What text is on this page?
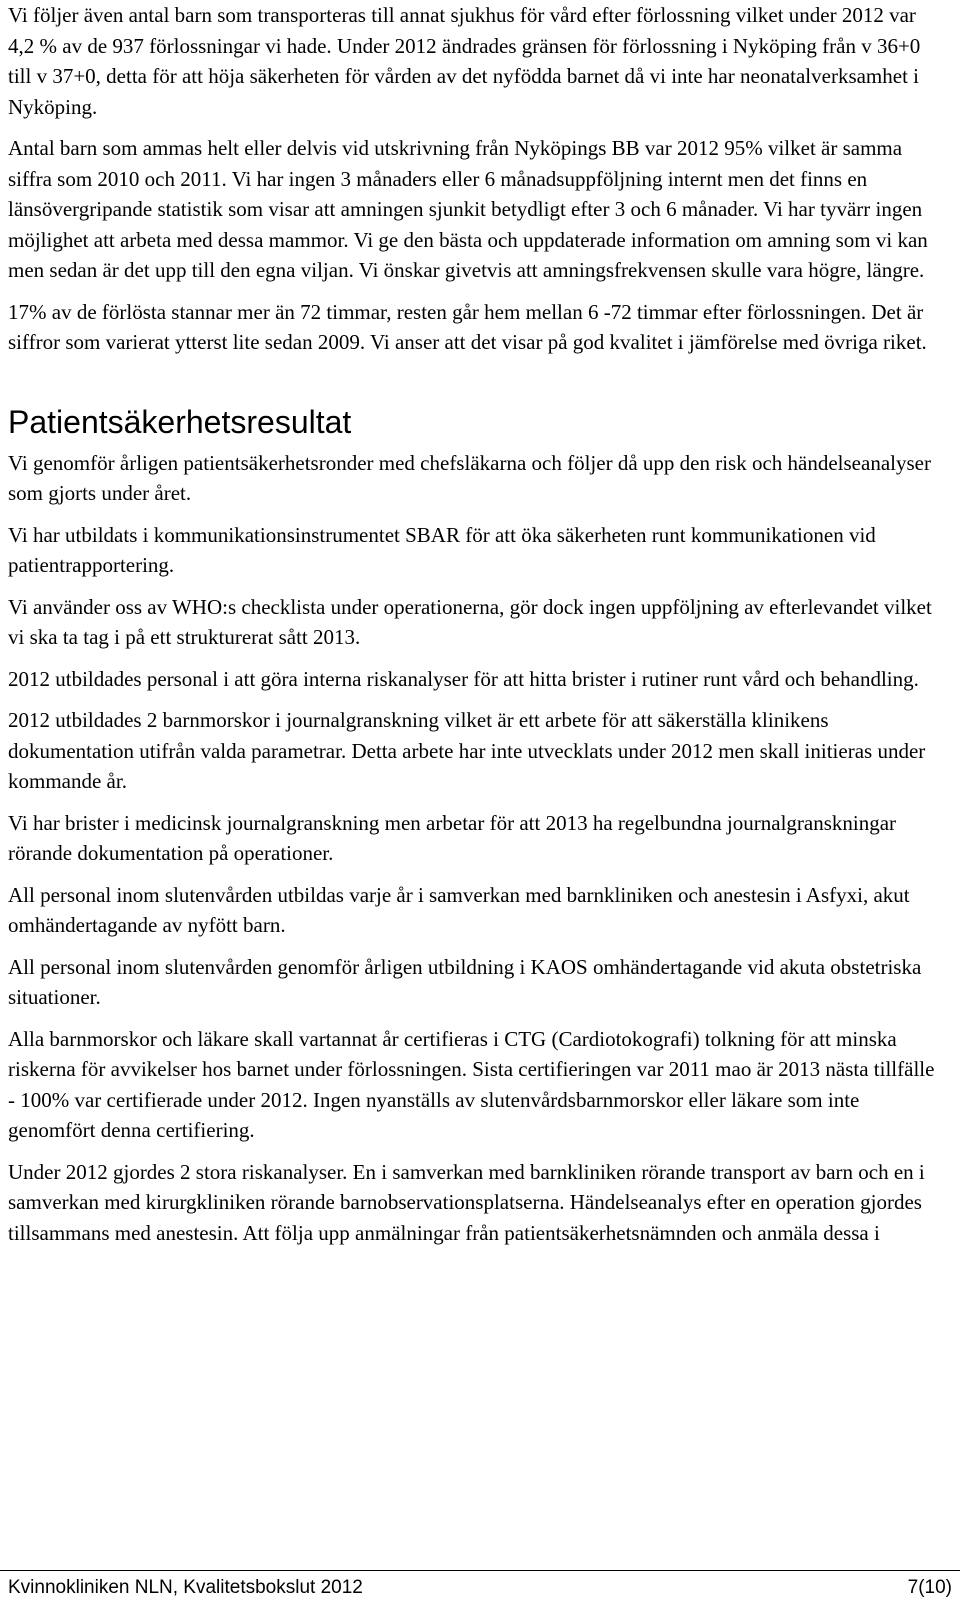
Vi följer även antal barn som transporteras till annat sjukhus för vård efter förlossning vilket under 2012 var 4,2 % av de 937 förlossningar vi hade. Under 2012 ändrades gränsen för förlossning i Nyköping från v 36+0 till v 37+0, detta för att höja säkerheten för vården av det nyfödda barnet då vi inte har neonatalverksamhet i Nyköping.

Antal barn som ammas helt eller delvis vid utskrivning från Nyköpings BB var 2012 95% vilket är samma siffra som 2010 och 2011. Vi har ingen 3 månaders eller 6 månadsuppföljning internt men det finns en länsövergripande statistik som visar att amningen sjunkit betydligt efter 3 och 6 månader. Vi har tyvärr ingen möjlighet att arbeta med dessa mammor. Vi ge den bästa och uppdaterade information om amning som vi kan men sedan är det upp till den egna viljan. Vi önskar givetvis att amningsfrekvensen skulle vara högre, längre.

17% av de förlösta stannar mer än 72 timmar, resten går hem mellan 6 -72 timmar efter förlossningen. Det är siffror som varierat ytterst lite sedan 2009. Vi anser att det visar på god kvalitet i jämförelse med övriga riket.

Patientsäkerhetsresultat

Vi genomför årligen patientsäkerhetsronder med chefsläkarna och följer då upp den risk och händelseanalyser som gjorts under året.

Vi har utbildats i kommunikationsinstrumentet SBAR för att öka säkerheten runt kommunikationen vid patientrapportering.

Vi använder oss av WHO:s checklista under operationerna, gör dock ingen uppföljning av efterlevandet vilket vi ska ta tag i på ett strukturerat sått 2013.

2012 utbildades personal i att göra interna riskanalyser för att hitta brister i rutiner runt vård och behandling.

2012 utbildades 2 barnmorskor i journalgranskning vilket är ett arbete för att säkerställa klinikens dokumentation utifrån valda parametrar. Detta arbete har inte utvecklats under 2012 men skall initieras under kommande år.

Vi har brister i medicinsk journalgranskning men arbetar för att 2013 ha regelbundna journalgranskningar rörande dokumentation på operationer.

All personal inom slutenvården utbildas varje år i samverkan med barnkliniken och anestesin i Asfyxi, akut omhändertagande av nyfött barn.

All personal inom slutenvården genomför årligen utbildning i KAOS omhändertagande vid akuta obstetriska situationer.

Alla barnmorskor och läkare skall vartannat år certifieras i CTG (Cardiotokografi) tolkning för att minska riskerna för avvikelser hos barnet under förlossningen. Sista certifieringen var 2011 mao är 2013 nästa tillfälle - 100% var certifierade under 2012. Ingen nyanställs av slutenvårdsbarnmorskor eller läkare som inte genomfört denna certifiering.

Under 2012 gjordes 2 stora riskanalyser. En i samverkan med barnkliniken rörande transport av barn och en i samverkan med kirurgkliniken rörande barnobservationsplatserna. Händelseanalys efter en operation gjordes tillsammans med anestesin. Att följa upp anmälningar från patientsäkerhetsnämnden och anmäla dessa i

Kvinnokliniken NLN, Kvalitetsbokslut 2012	7(10)
